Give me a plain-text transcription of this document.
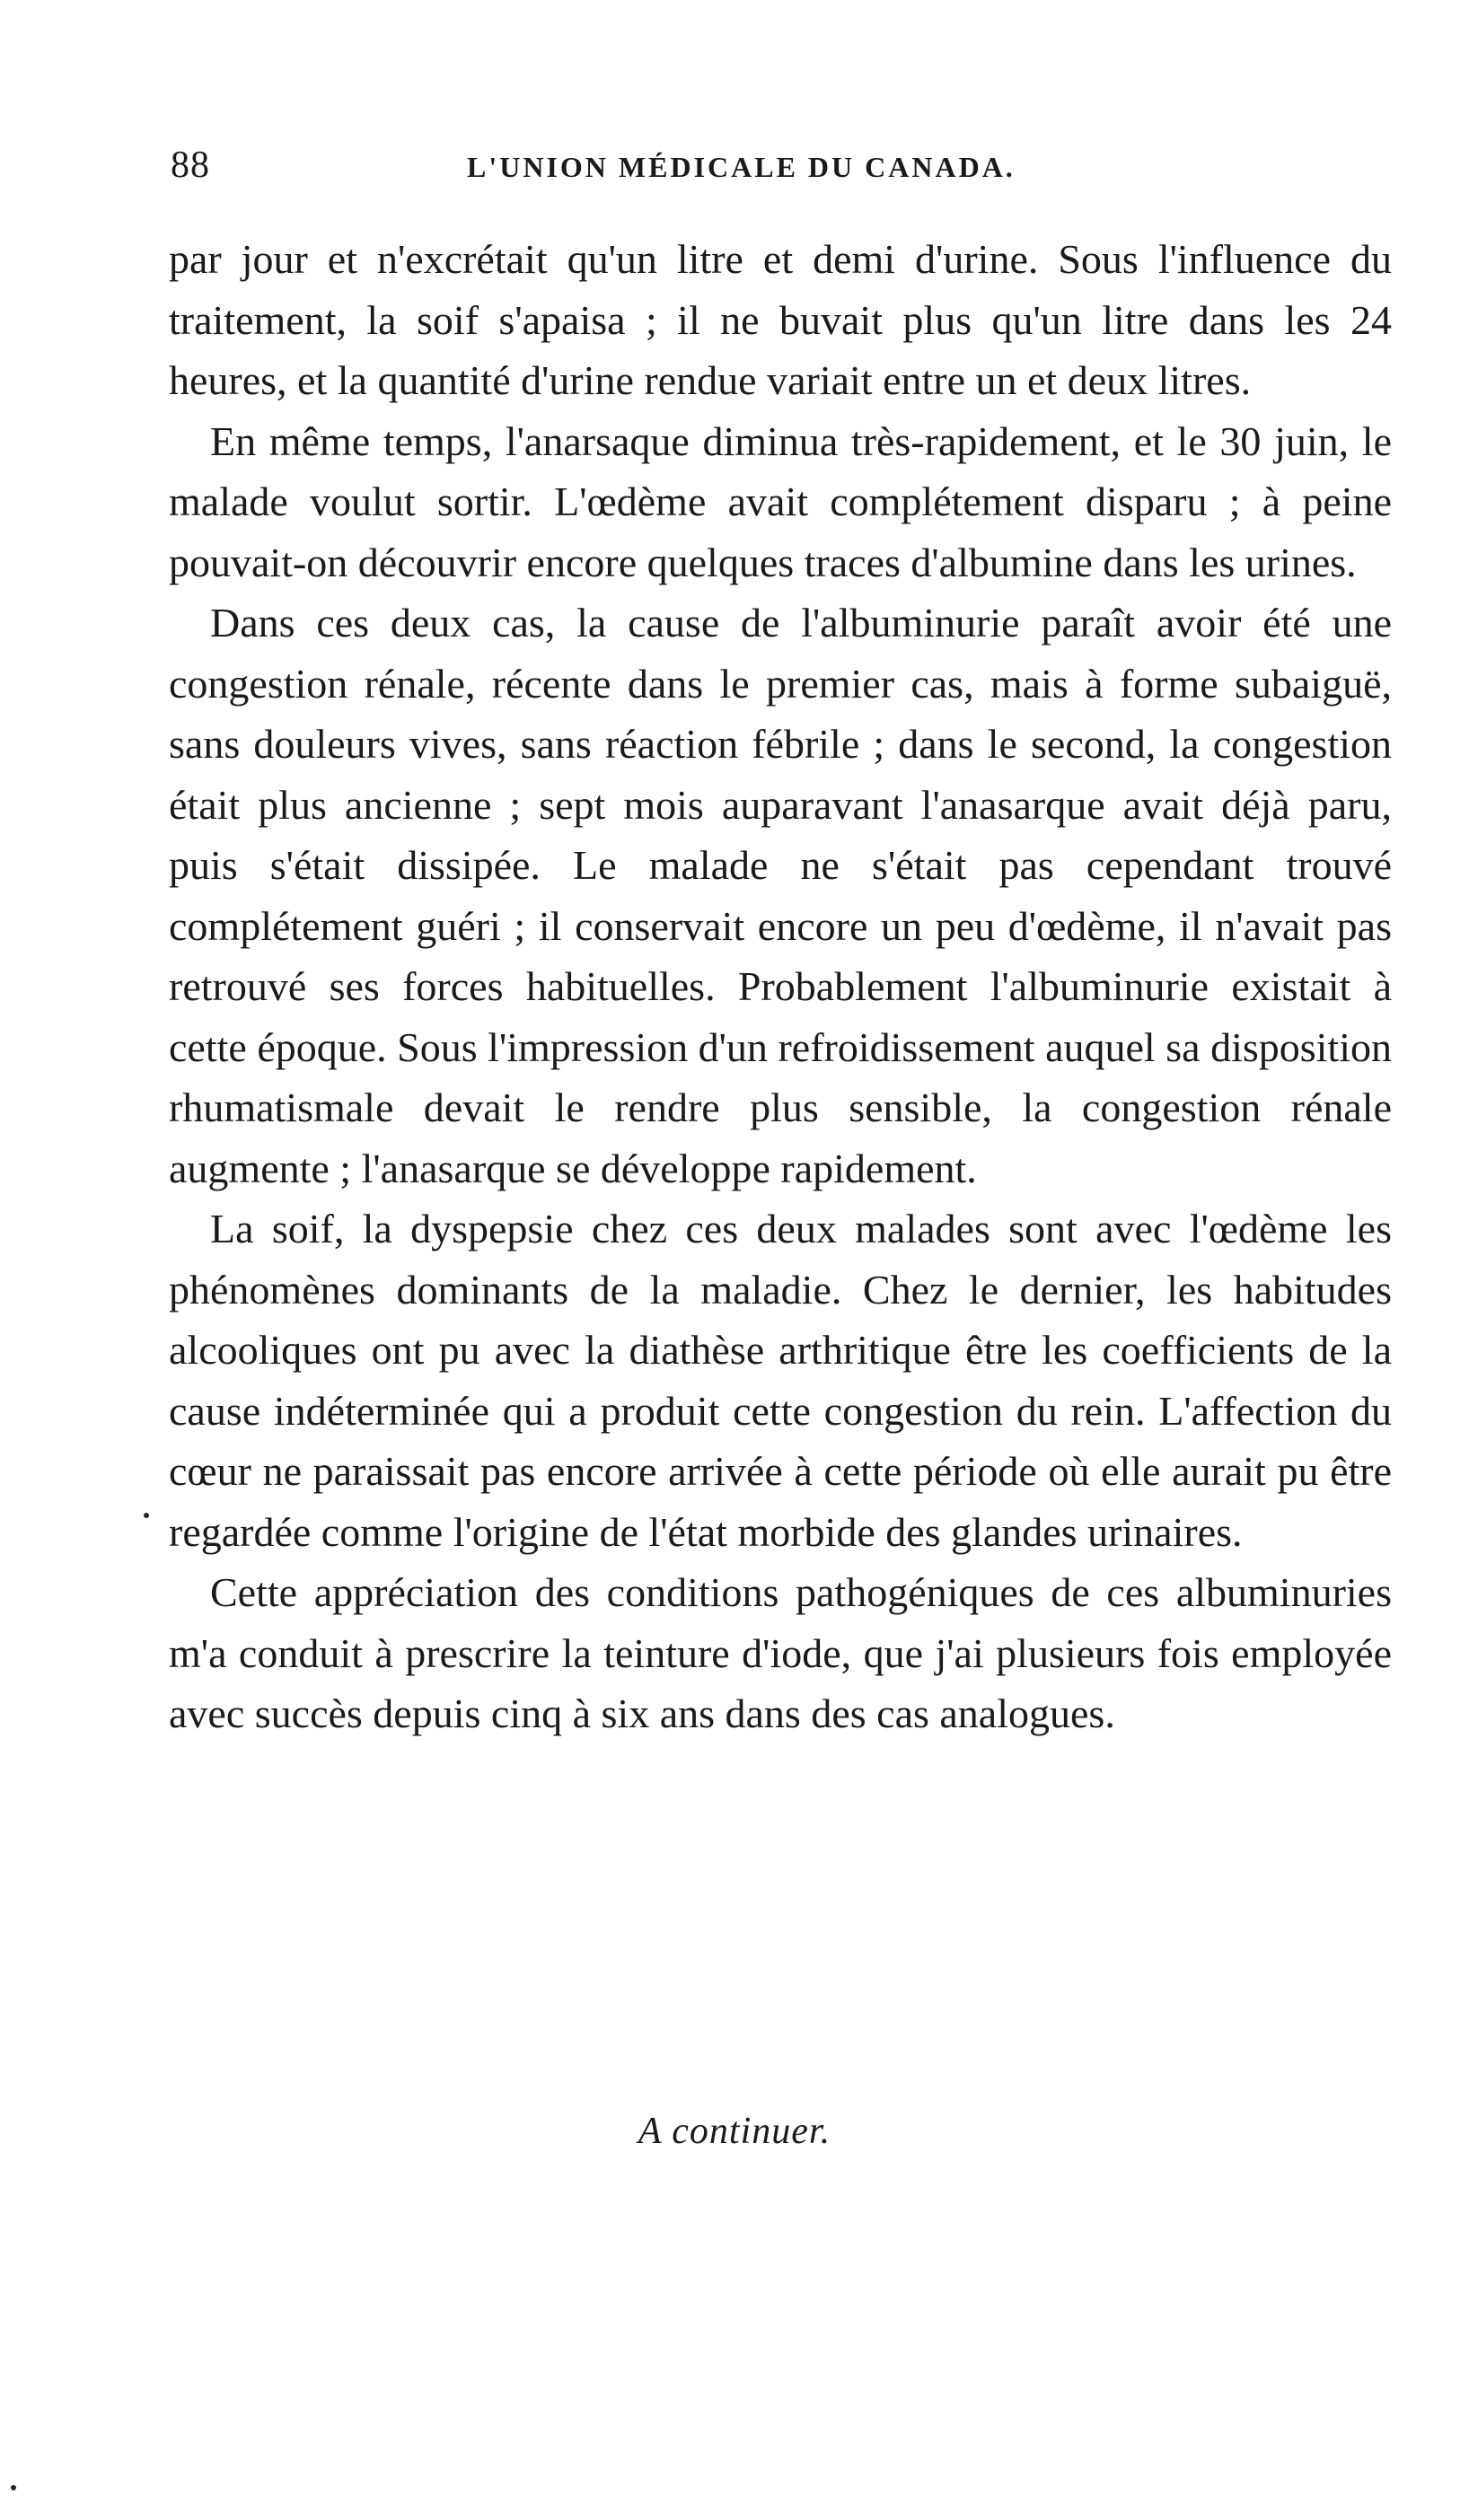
88	L'UNION MÉDICALE DU CANADA.

par jour et n'excrétait qu'un litre et demi d'urine. Sous l'influence du traitement, la soif s'apaisa ; il ne buvait plus qu'un litre dans les 24 heures, et la quantité d'urine rendue variait entre un et deux litres.

En même temps, l'anarsaque diminua très-rapidement, et le 30 juin, le malade voulut sortir. L'œdème avait complétement disparu ; à peine pouvait-on découvrir encore quelques traces d'albumine dans les urines.

Dans ces deux cas, la cause de l'albuminurie paraît avoir été une congestion rénale, récente dans le premier cas, mais à forme subaiguë, sans douleurs vives, sans réaction fébrile ; dans le second, la congestion était plus ancienne ; sept mois auparavant l'anasarque avait déjà paru, puis s'était dissipée. Le malade ne s'était pas cependant trouvé complétement guéri ; il conservait encore un peu d'œdème, il n'avait pas retrouvé ses forces habituelles. Probablement l'albuminurie existait à cette époque. Sous l'impression d'un refroidissement auquel sa disposition rhumatismale devait le rendre plus sensible, la congestion rénale augmente ; l'anasarque se développe rapidement.

La soif, la dyspepsie chez ces deux malades sont avec l'œdème les phénomènes dominants de la maladie. Chez le dernier, les habitudes alcooliques ont pu avec la diathèse arthritique être les coefficients de la cause indéterminée qui a produit cette congestion du rein. L'affection du cœur ne paraissait pas encore arrivée à cette période où elle aurait pu être regardée comme l'origine de l'état morbide des glandes urinaires.

Cette appréciation des conditions pathogéniques de ces albuminuries m'a conduit à prescrire la teinture d'iode, que j'ai plusieurs fois employée avec succès depuis cinq à six ans dans des cas analogues.

A continuer.
